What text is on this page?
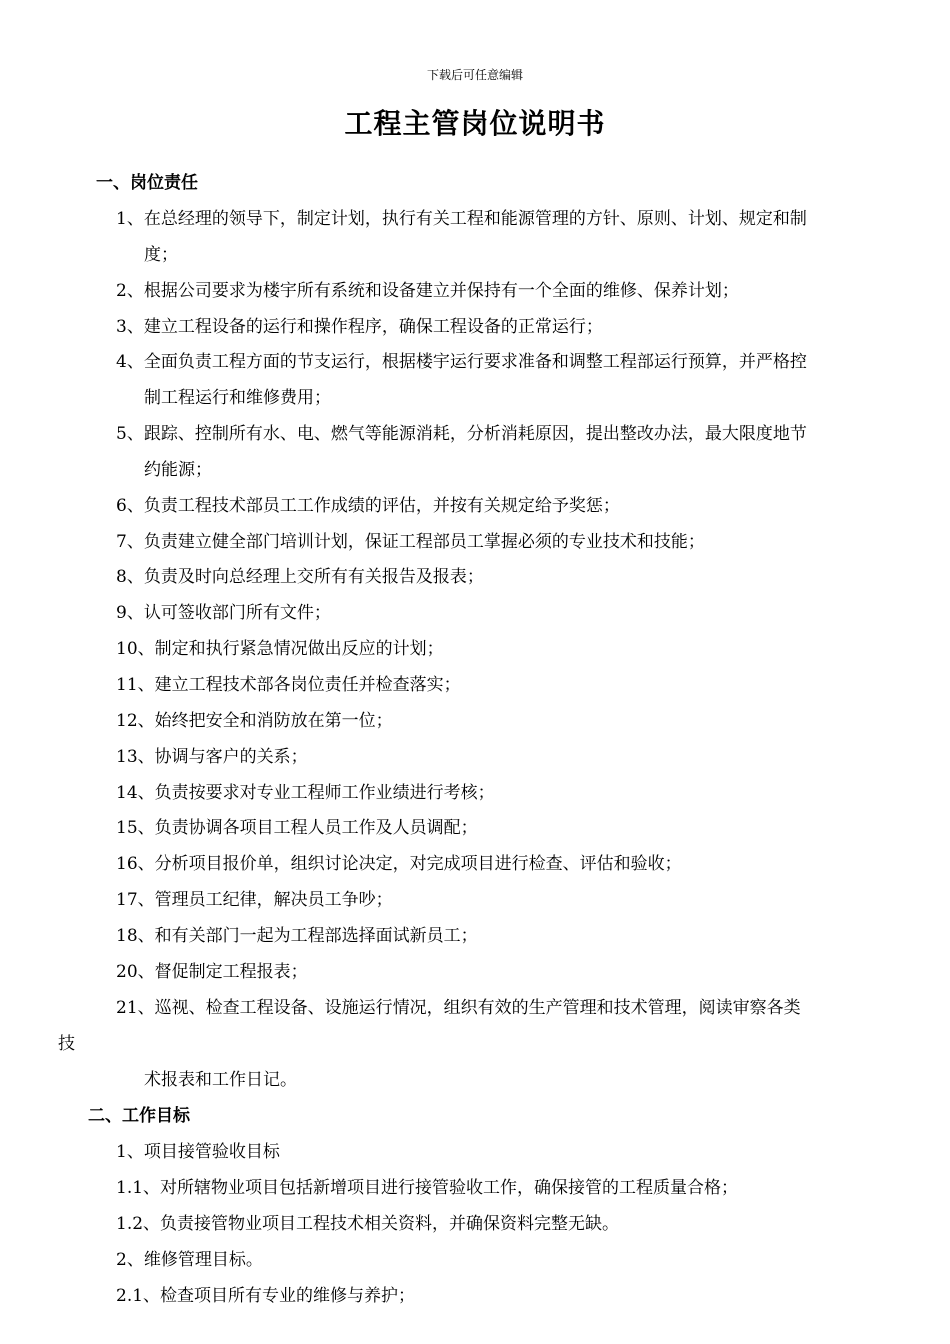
下载后可任意编辑
工程主管岗位说明书
一、岗位责任
1、在总经理的领导下，制定计划，执行有关工程和能源管理的方针、原则、计划、规定和制
度；
2、根据公司要求为楼宇所有系统和设备建立并保持有一个全面的维修、保养计划；
3、建立工程设备的运行和操作程序，确保工程设备的正常运行；
4、全面负责工程方面的节支运行，根据楼宇运行要求准备和调整工程部运行预算，并严格控
制工程运行和维修费用；
5、跟踪、控制所有水、电、燃气等能源消耗，分析消耗原因，提出整改办法，最大限度地节
约能源；
6、负责工程技术部员工工作成绩的评估，并按有关规定给予奖惩；
7、负责建立健全部门培训计划，保证工程部员工掌握必须的专业技术和技能；
8、负责及时向总经理上交所有有关报告及报表；
9、认可签收部门所有文件；
10、制定和执行紧急情况做出反应的计划；
11、建立工程技术部各岗位责任并检查落实；
12、始终把安全和消防放在第一位；
13、协调与客户的关系；
14、负责按要求对专业工程师工作业绩进行考核；
15、负责协调各项目工程人员工作及人员调配；
16、分析项目报价单，组织讨论决定，对完成项目进行检查、评估和验收；
17、管理员工纪律，解决员工争吵；
18、和有关部门一起为工程部选择面试新员工；
20、督促制定工程报表；
21、巡视、检查工程设备、设施运行情况，组织有效的生产管理和技术管理，阅读审察各类
技
术报表和工作日记。
二、工作目标
1、项目接管验收目标
1.1、对所辖物业项目包括新增项目进行接管验收工作，确保接管的工程质量合格；
1.2、负责接管物业项目工程技术相关资料，并确保资料完整无缺。
2、维修管理目标。
2.1、检查项目所有专业的维修与养护；
